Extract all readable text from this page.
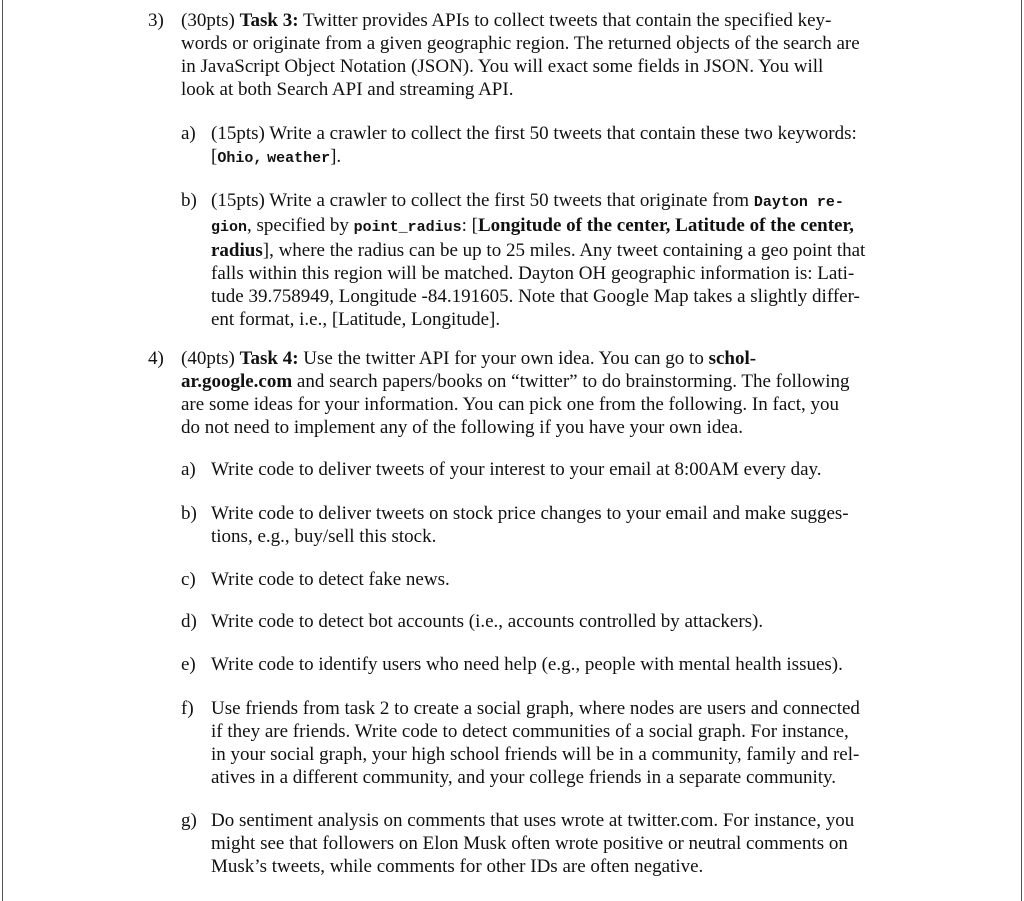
3) (30pts) Task 3: Twitter provides APIs to collect tweets that contain the specified key-
words or originate from a given geographic region. The returned objects of the search are
in JavaScript Object Notation (JSON). You will exact some fields in JSON. You will
look at both Search API and streaming API.
a) (15pts) Write a crawler to collect the first 50 tweets that contain these two keywords:
[Ohio, weather].
b) (15pts) Write a crawler to collect the first 50 tweets that originate from Dayton re-
gion, specified by point_radius: [Longitude of the center, Latitude of the center,
radius], where the radius can be up to 25 miles. Any tweet containing a geo point that
falls within this region will be matched. Dayton OH geographic information is: Lati-
tude 39.758949, Longitude -84.191605. Note that Google Map takes a slightly differ-
ent format, i.e., [Latitude, Longitude].
4) (40pts) Task 4: Use the twitter API for your own idea. You can go to schol-
ar.google.com and search papers/books on “twitter” to do brainstorming. The following
are some ideas for your information. You can pick one from the following. In fact, you
do not need to implement any of the following if you have your own idea.
a) Write code to deliver tweets of your interest to your email at 8:00AM every day.
b) Write code to deliver tweets on stock price changes to your email and make sugges-
tions, e.g., buy/sell this stock.
c) Write code to detect fake news.
d) Write code to detect bot accounts (i.e., accounts controlled by attackers).
e) Write code to identify users who need help (e.g., people with mental health issues).
f) Use friends from task 2 to create a social graph, where nodes are users and connected
if they are friends. Write code to detect communities of a social graph. For instance,
in your social graph, your high school friends will be in a community, family and rel-
atives in a different community, and your college friends in a separate community.
g) Do sentiment analysis on comments that uses wrote at twitter.com. For instance, you
might see that followers on Elon Musk often wrote positive or neutral comments on
Musk’s tweets, while comments for other IDs are often negative.
